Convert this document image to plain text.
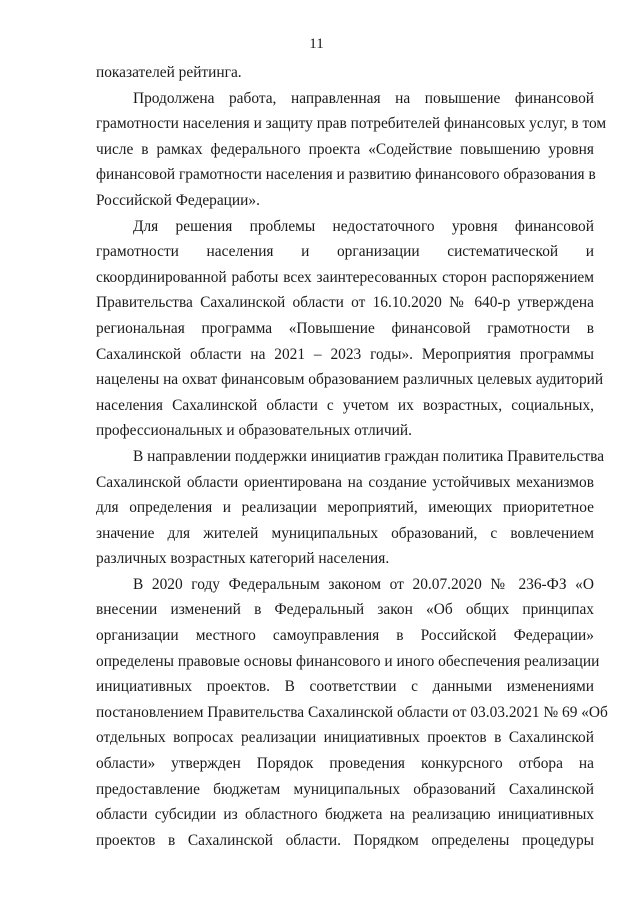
11
показателей рейтинга.
Продолжена работа, направленная на повышение финансовой
грамотности населения и защиту прав потребителей финансовых услуг, в том
числе в рамках федерального проекта «Содействие повышению уровня
финансовой грамотности населения и развитию финансового образования в
Российской Федерации».
Для решения проблемы недостаточного уровня финансовой
грамотности населения и организации систематической и
скоординированной работы всех заинтересованных сторон распоряжением
Правительства Сахалинской области от 16.10.2020 № 640-р утверждена
региональная программа «Повышение финансовой грамотности в
Сахалинской области на 2021 – 2023 годы». Мероприятия программы
нацелены на охват финансовым образованием различных целевых аудиторий
населения Сахалинской области с учетом их возрастных, социальных,
профессиональных и образовательных отличий.
В направлении поддержки инициатив граждан политика Правительства
Сахалинской области ориентирована на создание устойчивых механизмов
для определения и реализации мероприятий, имеющих приоритетное
значение для жителей муниципальных образований, с вовлечением
различных возрастных категорий населения.
В 2020 году Федеральным законом от 20.07.2020 № 236-ФЗ «О
внесении изменений в Федеральный закон «Об общих принципах
организации местного самоуправления в Российской Федерации»
определены правовые основы финансового и иного обеспечения реализации
инициативных проектов. В соответствии с данными изменениями
постановлением Правительства Сахалинской области от 03.03.2021 № 69 «Об
отдельных вопросах реализации инициативных проектов в Сахалинской
области» утвержден Порядок проведения конкурсного отбора на
предоставление бюджетам муниципальных образований Сахалинской
области субсидии из областного бюджета на реализацию инициативных
проектов в Сахалинской области. Порядком определены процедуры
